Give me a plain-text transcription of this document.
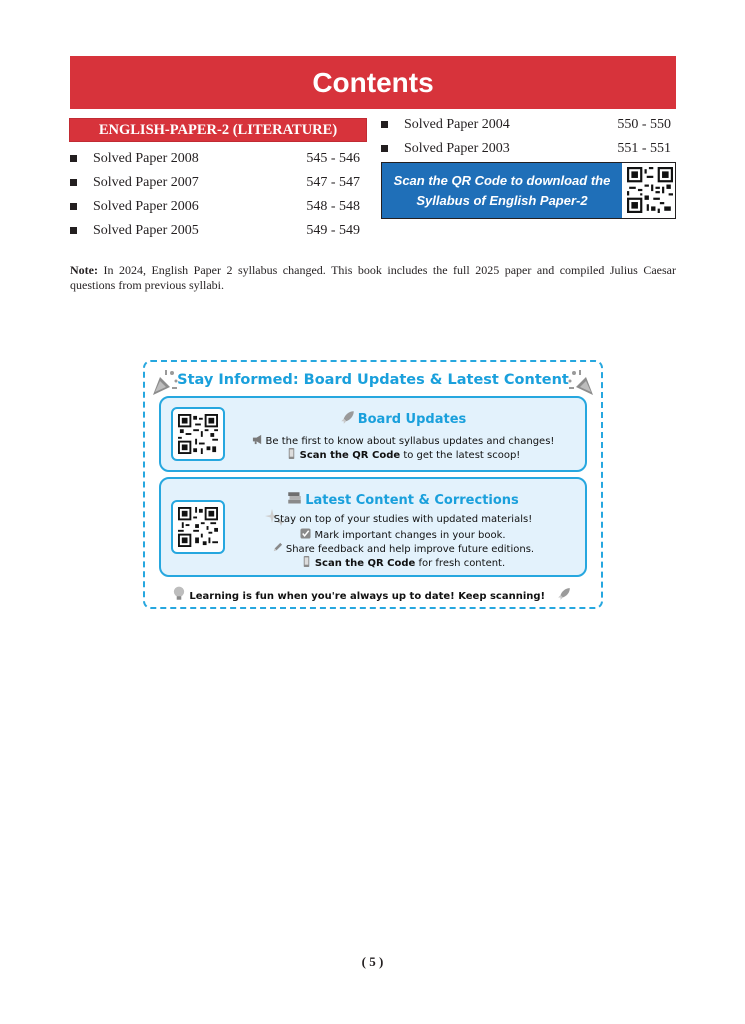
Contents
ENGLISH-PAPER-2 (LITERATURE)
Solved Paper 2008	545 - 546
Solved Paper 2007	547 - 547
Solved Paper 2006	548 - 548
Solved Paper 2005	549 - 549
Solved Paper 2004	550 - 550
Solved Paper 2003	551 - 551
Scan the QR Code to download the
Syllabus of English Paper-2
Note: In 2024, English Paper 2 syllabus changed. This book includes the full 2025 paper and compiled Julius Caesar questions from previous syllabi.
Stay Informed: Board Updates & Latest Content
Board Updates
Be the first to know about syllabus updates and changes!
Scan the QR Code to get the latest scoop!
Latest Content & Corrections
Stay on top of your studies with updated materials!
Mark important changes in your book.
Share feedback and help improve future editions.
Scan the QR Code for fresh content.
Learning is fun when you're always up to date! Keep scanning!
( 5 )
